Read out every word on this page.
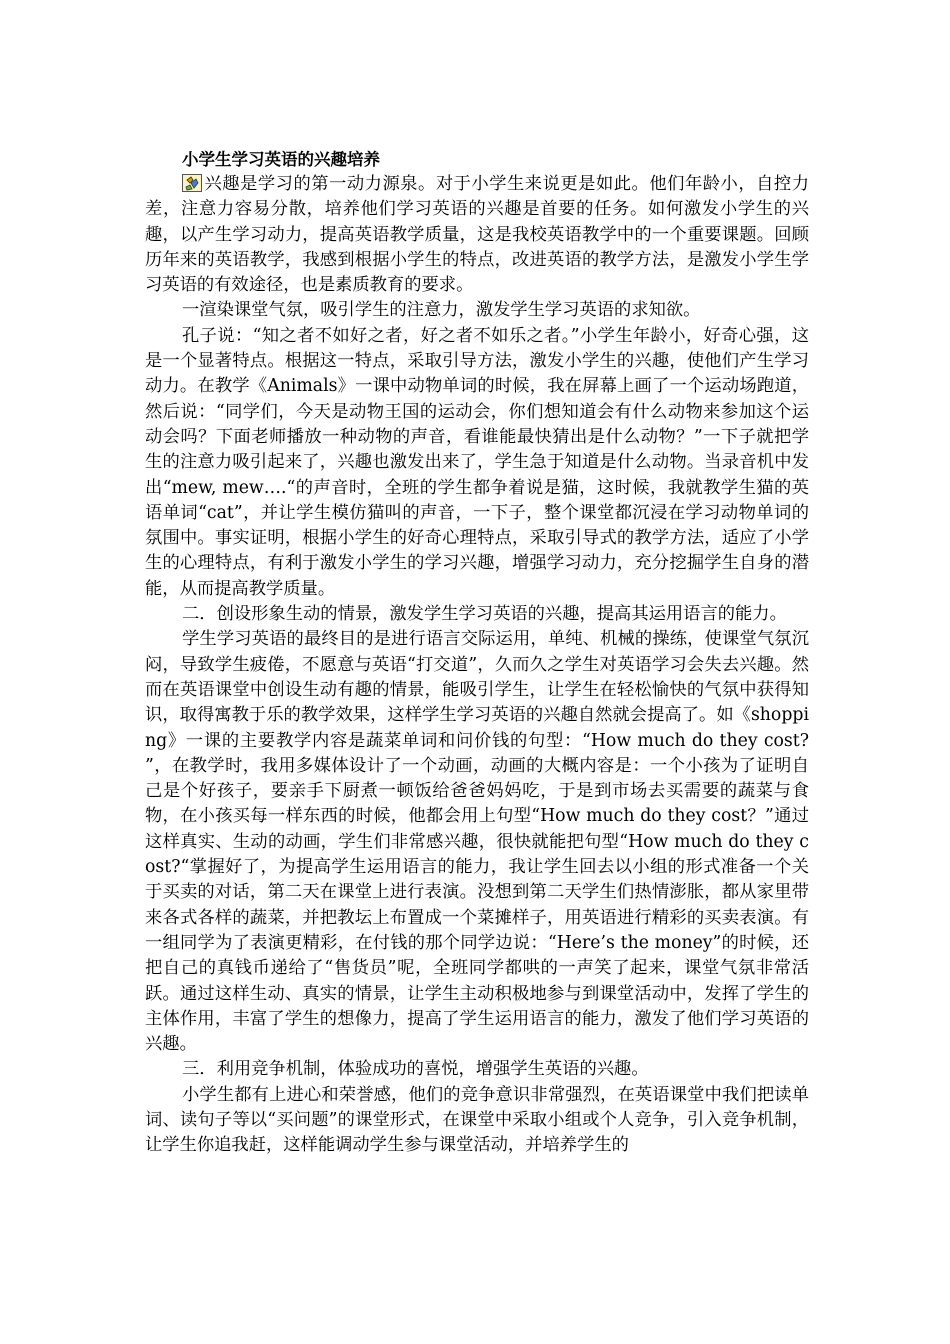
小学生学习英语的兴趣培养

兴趣是学习的第一动力源泉。对于小学生来说更是如此。他们年龄小，自控力差，注意力容易分散，培养他们学习英语的兴趣是首要的任务。如何激发小学生的兴趣，以产生学习动力，提高英语教学质量，这是我校英语教学中的一个重要课题。回顾历年来的英语教学，我感到根据小学生的特点，改进英语的教学方法，是激发小学生学习英语的有效途径，也是素质教育的要求。

一渲染课堂气氛，吸引学生的注意力，激发学生学习英语的求知欲。

孔子说：“知之者不如好之者，好之者不如乐之者。”小学生年龄小，好奇心强，这是一个显著特点。根据这一特点，采取引导方法，激发小学生的兴趣，使他们产生学习动力。在教学《Animals》一课中动物单词的时候，我在屏幕上画了一个运动场跑道，然后说：“同学们，今天是动物王国的运动会，你们想知道会有什么动物来参加这个运动会吗？下面老师播放一种动物的声音，看谁能最快猜出是什么动物？”一下子就把学生的注意力吸引起来了，兴趣也激发出来了，学生急于知道是什么动物。当录音机中发出“mew, mew….“的声音时，全班的学生都争着说是猫，这时候，我就教学生猫的英语单词“cat”，并让学生模仿猫叫的声音，一下子，整个课堂都沉浸在学习动物单词的氛围中。事实证明，根据小学生的好奇心理特点，采取引导式的教学方法，适应了小学生的心理特点，有利于激发小学生的学习兴趣，增强学习动力，充分挖掘学生自身的潜能，从而提高教学质量。

二．创设形象生动的情景，激发学生学习英语的兴趣，提高其运用语言的能力。

学生学习英语的最终目的是进行语言交际运用，单纯、机械的操练，使课堂气氛沉闷，导致学生疲倦，不愿意与英语“打交道”，久而久之学生对英语学习会失去兴趣。然而在英语课堂中创设生动有趣的情景，能吸引学生，让学生在轻松愉快的气氛中获得知识，取得寓教于乐的教学效果，这样学生学习英语的兴趣自然就会提高了。如《shopping》一课的主要教学内容是蔬菜单词和问价钱的句型：“How much do they cost? ”，在教学时，我用多媒体设计了一个动画，动画的大概内容是：一个小孩为了证明自己是个好孩子，要亲手下厨煮一顿饭给爸爸妈妈吃，于是到市场去买需要的蔬菜与食物，在小孩买每一样东西的时候，他都会用上句型“How much do they cost？”通过这样真实、生动的动画，学生们非常感兴趣，很快就能把句型“How much do they cost?“掌握好了，为提高学生运用语言的能力，我让学生回去以小组的形式准备一个关于买卖的对话，第二天在课堂上进行表演。没想到第二天学生们热情澎胀，都从家里带来各式各样的蔬菜，并把教坛上布置成一个菜摊样子，用英语进行精彩的买卖表演。有一组同学为了表演更精彩，在付钱的那个同学边说：“Here’s the money”的时候，还把自己的真钱币递给了“售货员”呢，全班同学都哄的一声笑了起来，课堂气氛非常活跃。通过这样生动、真实的情景，让学生主动积极地参与到课堂活动中，发挥了学生的主体作用，丰富了学生的想像力，提高了学生运用语言的能力，激发了他们学习英语的兴趣。

三．利用竞争机制，体验成功的喜悦，增强学生英语的兴趣。

小学生都有上进心和荣誉感，他们的竞争意识非常强烈，在英语课堂中我们把读单词、读句子等以“买问题”的课堂形式，在课堂中采取小组或个人竞争，引入竞争机制，让学生你追我赶，这样能调动学生参与课堂活动，并培养学生的
